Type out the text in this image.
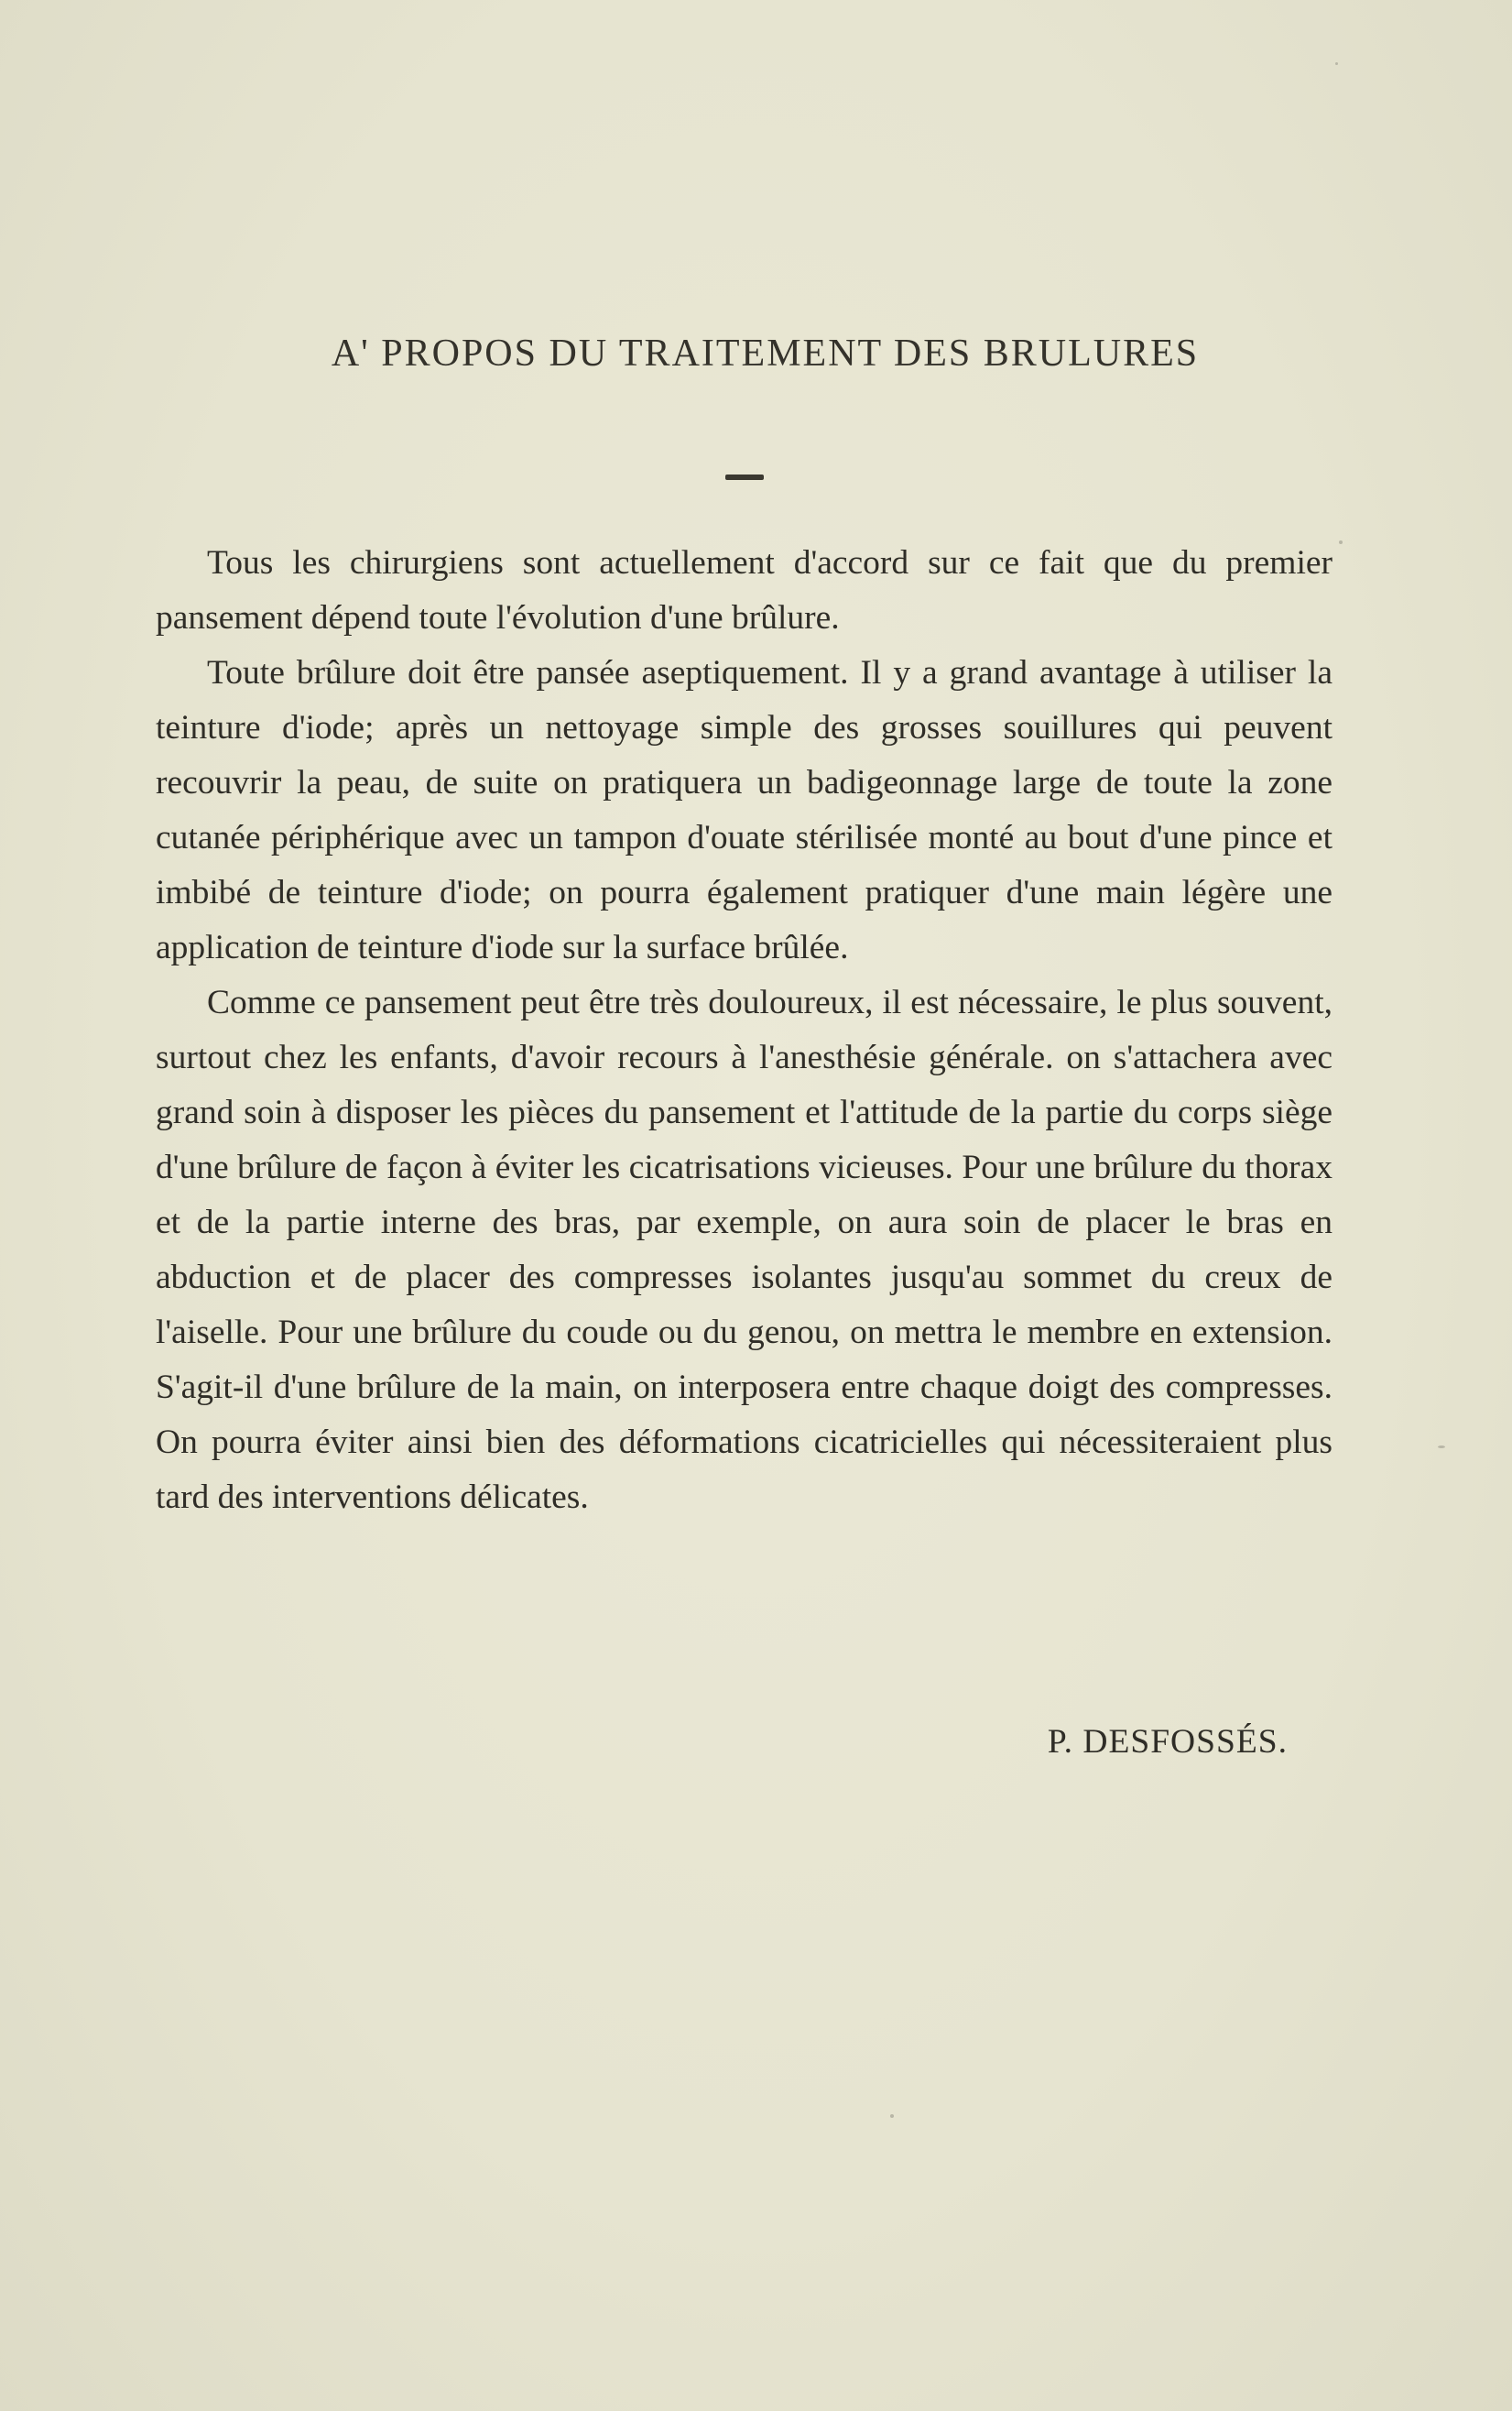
A' PROPOS DU TRAITEMENT DES BRULURES

Tous les chirurgiens sont actuellement d'accord sur ce fait que du premier pansement dépend toute l'évolution d'une brûlure.

Toute brûlure doit être pansée aseptiquement. Il y a grand avantage à utiliser la teinture d'iode; après un nettoyage simple des grosses souillures qui peuvent recouvrir la peau, de suite on pratiquera un badigeonnage large de toute la zone cutanée périphérique avec un tampon d'ouate stérilisée monté au bout d'une pince et imbibé de teinture d'iode; on pourra également pratiquer d'une main légère une application de teinture d'iode sur la surface brûlée.

Comme ce pansement peut être très douloureux, il est nécessaire, le plus souvent, surtout chez les enfants, d'avoir recours à l'anesthésie générale. on s'attachera avec grand soin à disposer les pièces du pansement et l'attitude de la partie du corps siège d'une brûlure de façon à éviter les cicatrisations vicieuses. Pour une brûlure du thorax et de la partie interne des bras, par exemple, on aura soin de placer le bras en abduction et de placer des compresses isolantes jusqu'au sommet du creux de l'aiselle. Pour une brûlure du coude ou du genou, on mettra le membre en extension. S'agit-il d'une brûlure de la main, on interposera entre chaque doigt des compresses. On pourra éviter ainsi bien des déformations cicatricielles qui nécessiteraient plus tard des interventions délicates.

P. DESFOSSÉS.
